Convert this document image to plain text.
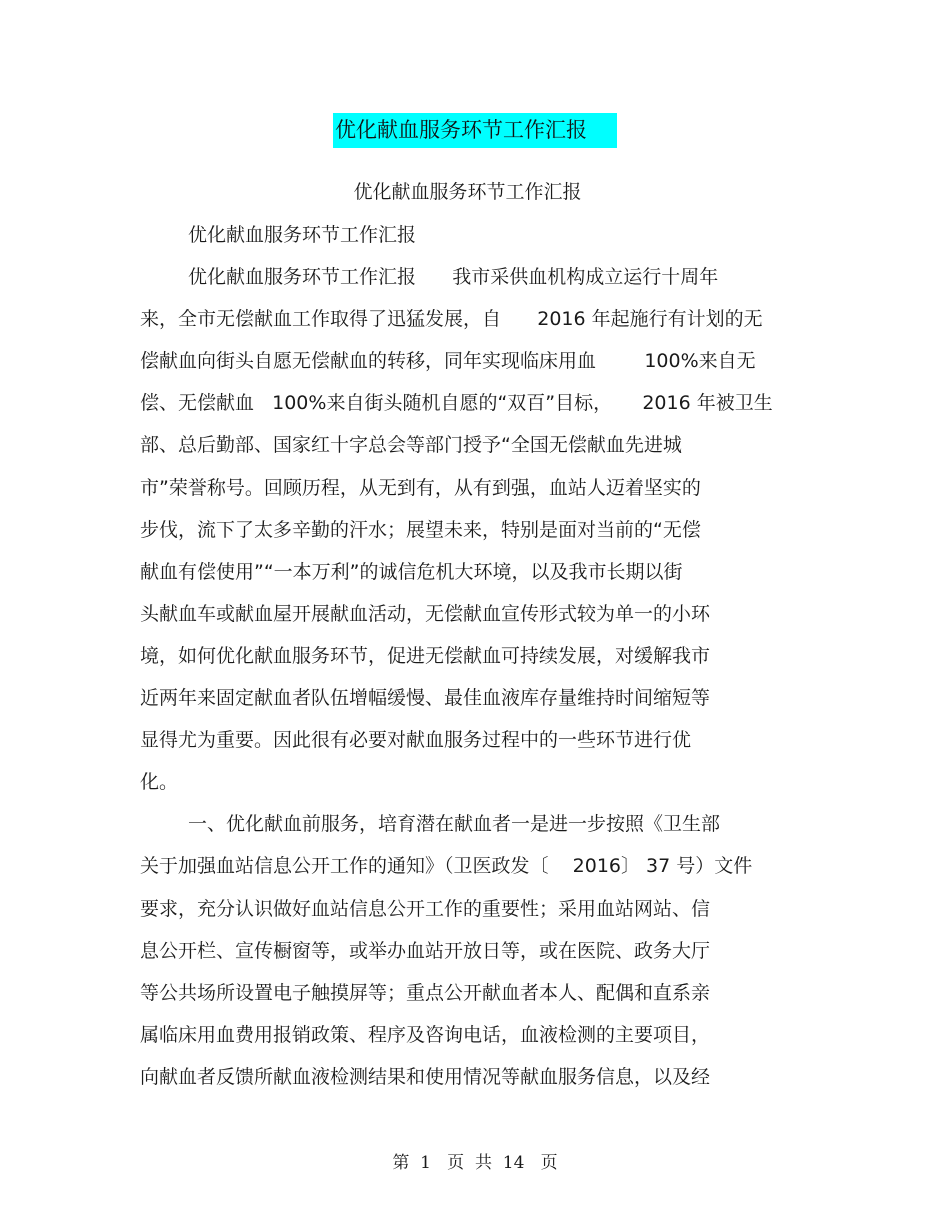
优化献血服务环节工作汇报
优化献血服务环节工作汇报
优化献血服务环节工作汇报
优化献血服务环节工作汇报      我市采供血机构成立运行十周年
来，全市无偿献血工作取得了迅猛发展，自      2016 年起施行有计划的无
偿献血向街头自愿无偿献血的转移，同年实现临床用血        100%来自无
偿、无偿献血   100%来自街头随机自愿的“双百”目标，     2016 年被卫生
部、总后勤部、国家红十字总会等部门授予“全国无偿献血先进城
市”荣誉称号。回顾历程，从无到有，从有到强，血站人迈着坚实的
步伐，流下了太多辛勤的汗水；展望未来，特别是面对当前的“无偿
献血有偿使用”“一本万利”的诚信危机大环境，以及我市长期以街
头献血车或献血屋开展献血活动，无偿献血宣传形式较为单一的小环
境，如何优化献血服务环节，促进无偿献血可持续发展，对缓解我市
近两年来固定献血者队伍增幅缓慢、最佳血液库存量维持时间缩短等
显得尤为重要。因此很有必要对献血服务过程中的一些环节进行优
化。
一、优化献血前服务，培育潜在献血者一是进一步按照《卫生部
关于加强血站信息公开工作的通知》（卫医政发〔    2016〕 37 号）文件
要求，充分认识做好血站信息公开工作的重要性；采用血站网站、信
息公开栏、宣传橱窗等，或举办血站开放日等，或在医院、政务大厅
等公共场所设置电子触摸屏等；重点公开献血者本人、配偶和直系亲
属临床用血费用报销政策、程序及咨询电话，血液检测的主要项目，
向献血者反馈所献血液检测结果和使用情况等献血服务信息，以及经
第  1   页  共  14   页
